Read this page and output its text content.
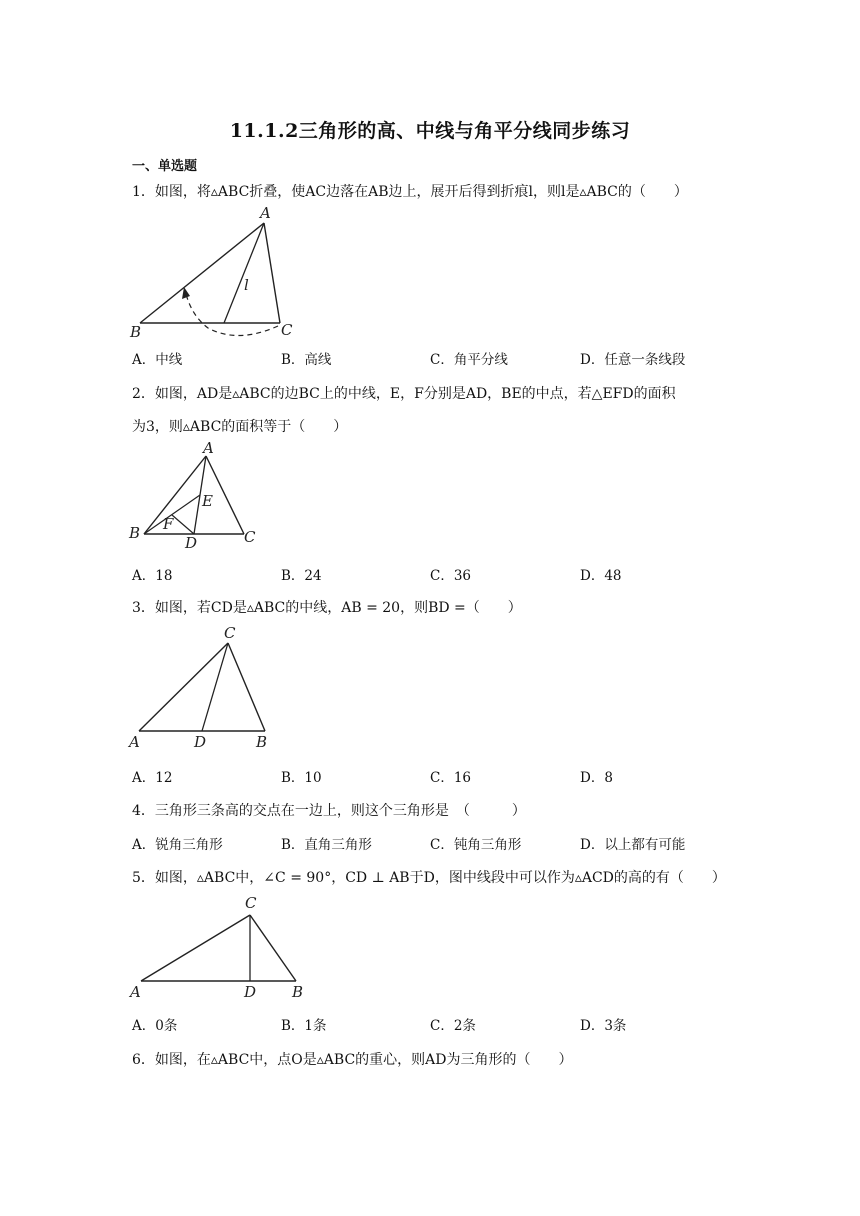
11.1.2三角形的高、中线与角平分线同步练习
一、单选题
1．如图，将▵ABC折叠，使AC边落在AB边上，展开后得到折痕l，则l是▵ABC的（　　）
A
B	C
l
A．中线	B．高线	C．角平分线	D．任意一条线段
2．如图，AD是▵ABC的边BC上的中线，E，F分别是AD，BE的中点，若△EFD的面积
为3，则▵ABC的面积等于（　　）
A
B	C
D
E
F
A．18	B．24	C．36	D．48
3．如图，若CD是▵ABC的中线，AB = 20，则BD =（　　）
C
A	D	B
A．12	B．10	C．16	D．8
4．三角形三条高的交点在一边上，则这个三角形是　（　　　）
A．锐角三角形	B．直角三角形	C．钝角三角形	D．以上都有可能
5．如图，▵ABC中，∠C = 90°，CD ⊥ AB于D，图中线段中可以作为▵ACD的高的有（　　）
C
A	D B
A．0条	B．1条	C．2条	D．3条
6．如图，在▵ABC中，点O是▵ABC的重心，则AD为三角形的（　　）
